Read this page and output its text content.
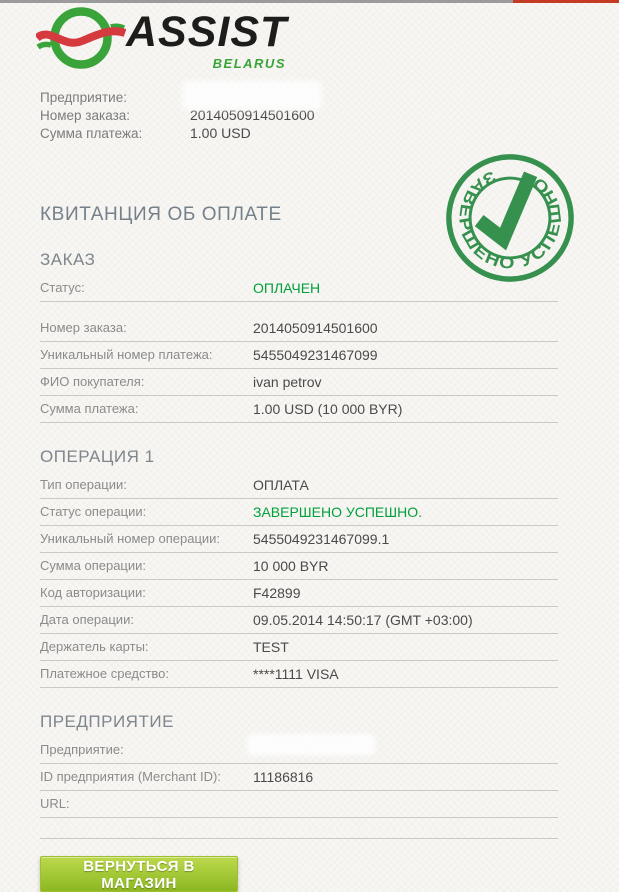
ASSIST
BELARUS
Предприятие:
Номер заказа:	2014050914501600
Сумма платежа:	1.00 USD
ЗАВЕРШЕНО УСПЕШНО
КВИТАНЦИЯ ОБ ОПЛАТЕ
ЗАКАЗ
Статус:	ОПЛАЧЕН
Номер заказа:	2014050914501600
Уникальный номер платежа:	5455049231467099
ФИО покупателя:	ivan petrov
Сумма платежа:	1.00 USD (10 000 BYR)
ОПЕРАЦИЯ 1
Тип операции:	ОПЛАТА
Статус операции:	ЗАВЕРШЕНО УСПЕШНО.
Уникальный номер операции: 5455049231467099.1
Сумма операции:	10 000 BYR
Код авторизации:	F42899
Дата операции:	09.05.2014 14:50:17 (GMT +03:00)
Держатель карты:	TEST
Платежное средство:	****1111 VISA
ПРЕДПРИЯТИЕ
Предприятие:
ID предприятия (Merchant ID): 11186816
URL:
ВЕРНУТЬСЯ В МАГАЗИН
